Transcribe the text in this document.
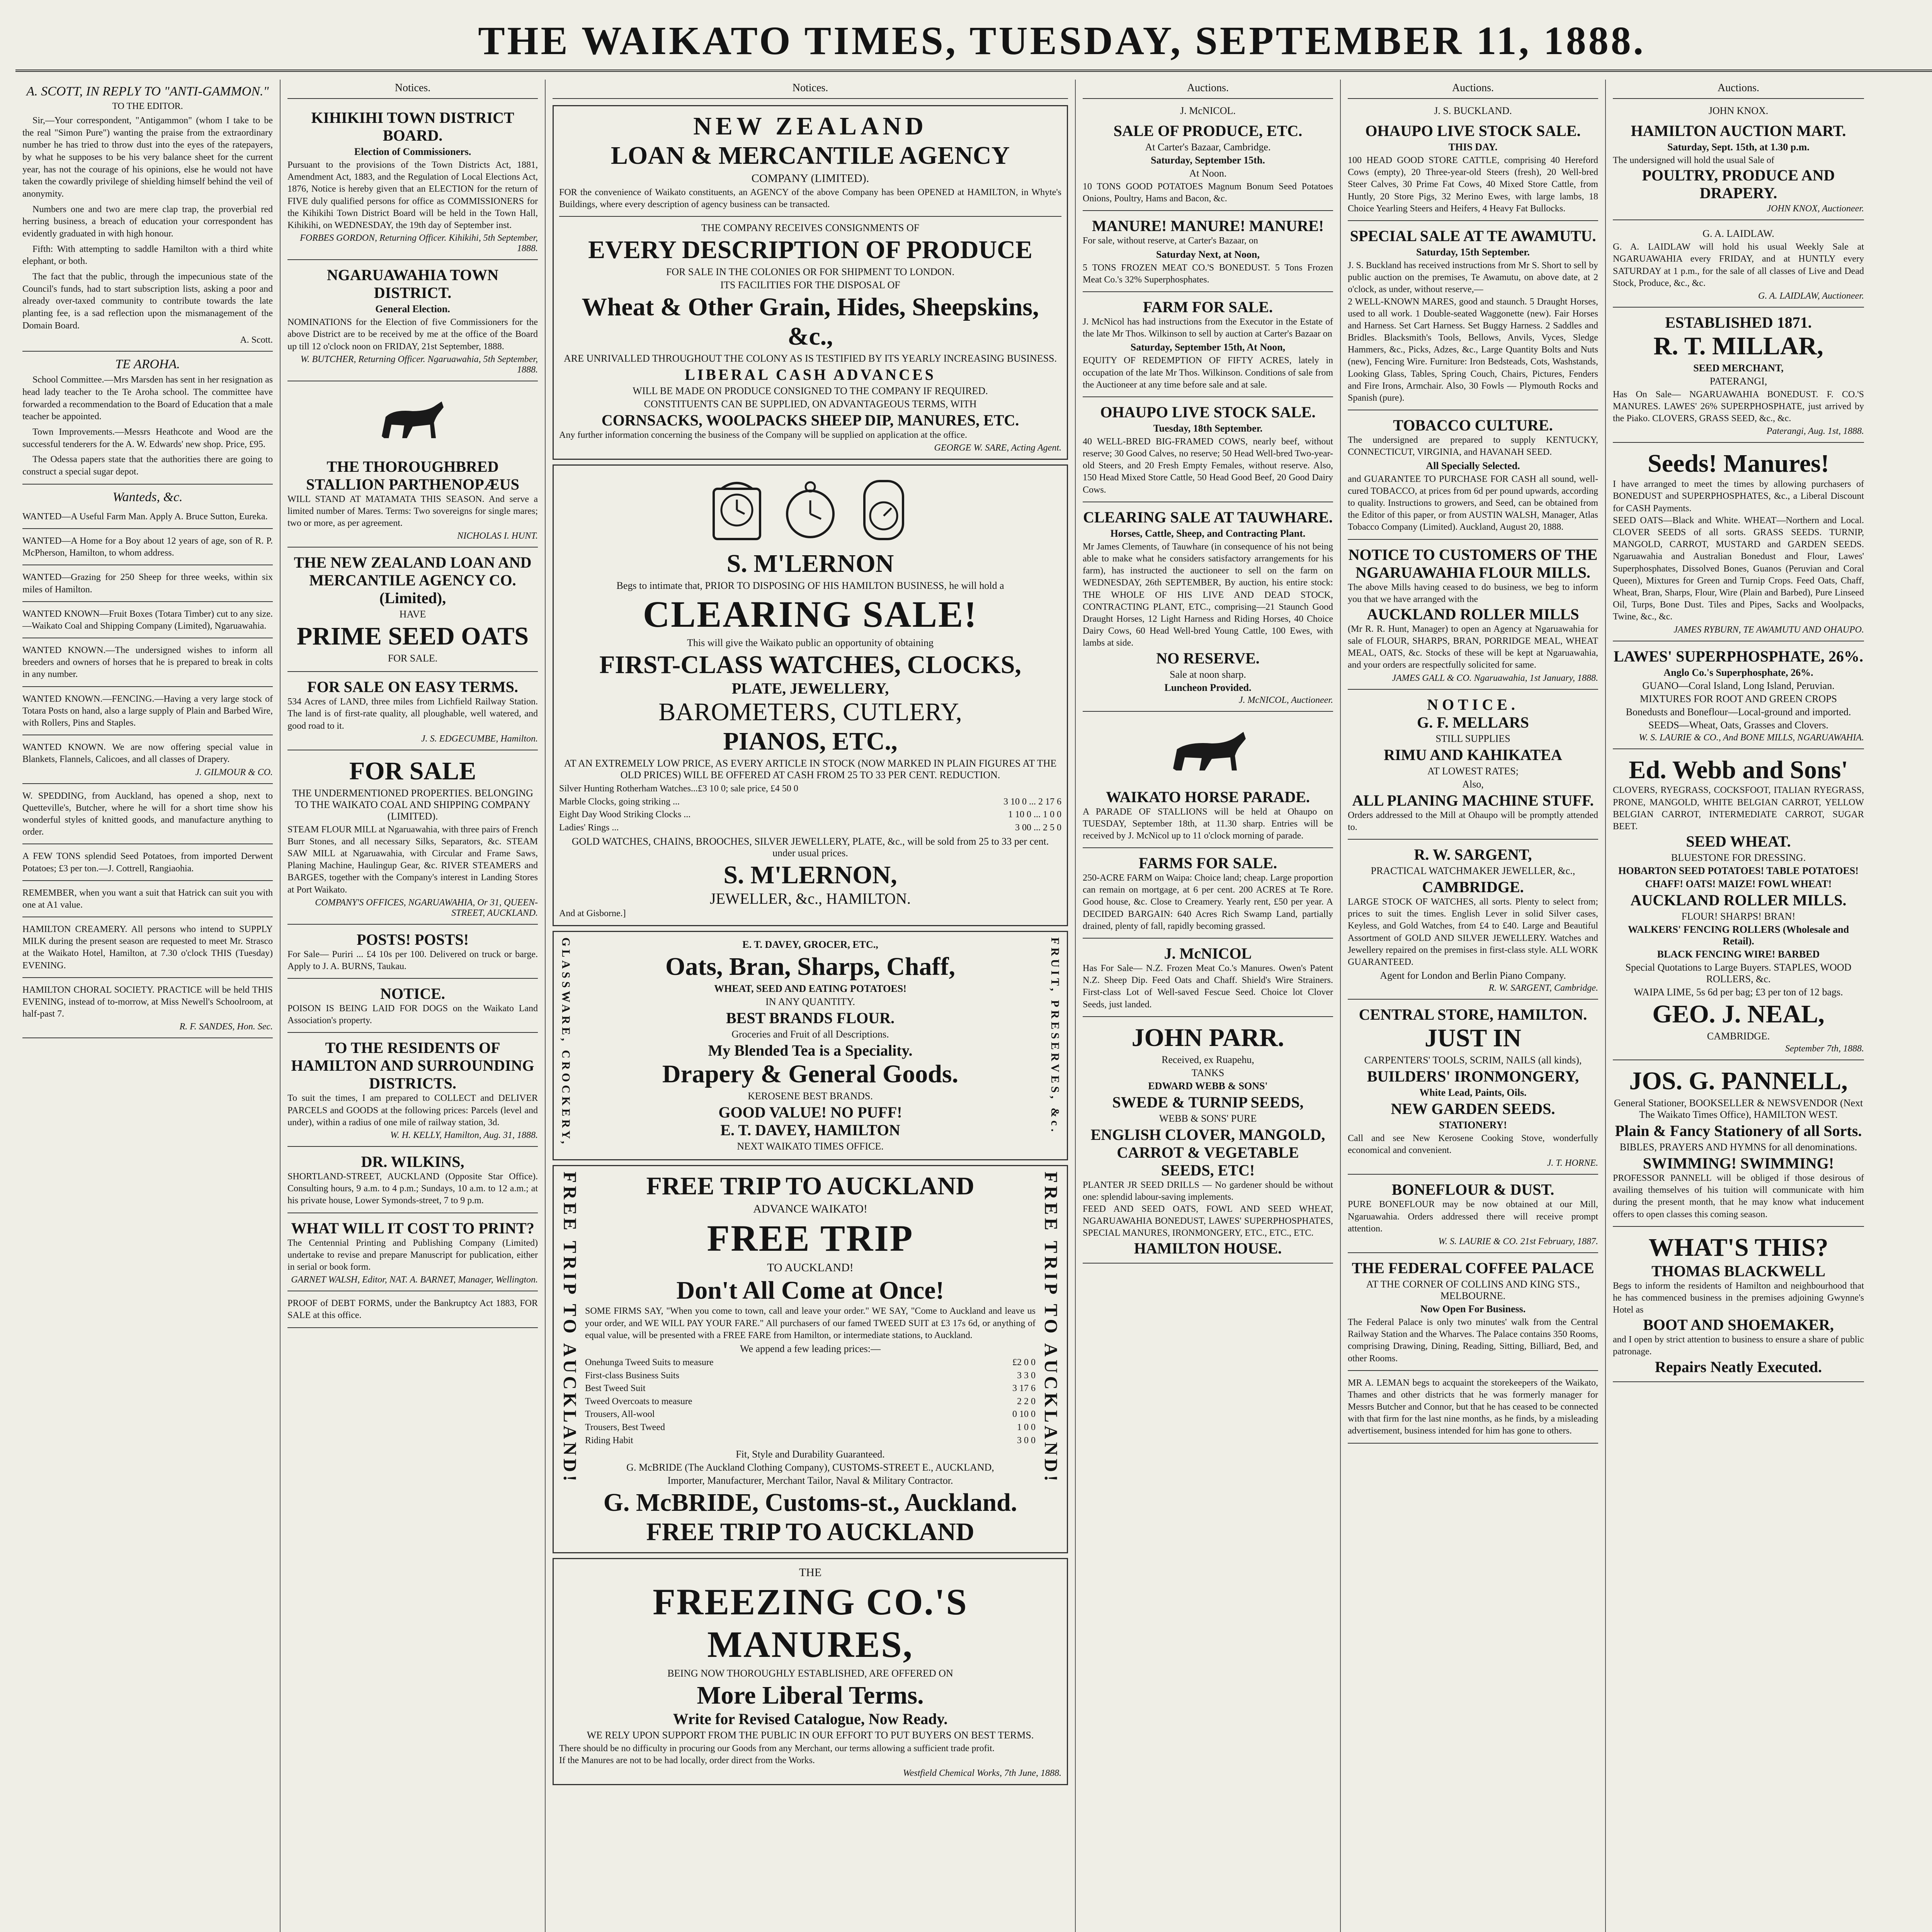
THE WAIKATO TIMES, TUESDAY, SEPTEMBER 11, 1888.
A. SCOTT, IN REPLY TO "ANTI-GAMMON."
TO THE EDITOR.

Sir,—Your correspondent, "Antigammon" (whom I take to be the real "Simon Pure") wanting the praise from the extraordinary number he has tried to throw dust into the eyes of the ratepayers, by what he supposes to be his very balance sheet for the current year, has not the courage of his opinions, else he would not have taken the cowardly privilege of shielding himself behind the veil of anonymity.

Numbers one and two are mere clap trap, the proverbial red herring business, a breach of education your correspondent has evidently graduated in with high honour.

Fifth: With attempting to saddle Hamilton with a third white elephant, or both.

The fact that the public, through the impecunious state of the Council's funds, had to start subscription lists, asking a poor and already over-taxed community to contribute towards the late planting fee, is a sad reflection upon the mismanagement of the Domain Board.

A. Scott.
TE AROHA.

School Committee.—Mrs Marsden has sent in her resignation as head lady teacher to the Te Aroha school. The committee have forwarded a recommendation to the Board of Education that a male teacher be appointed.

Town Improvements.—Messrs Heathcote and Wood are the successful tenderers for the A. W. Edwards' new shop. Price, £95.

The Odessa papers state that the authorities there are going to construct a special sugar depot.

Wanteds, &c.
WANTED—A Useful Farm Man. Apply A. Bruce Sutton, Eureka.
WANTED—A Home for a Boy about 12 years of age, son of R. P. McPherson, Hamilton, to whom address.
WANTED—Grazing for 250 Sheep for three weeks, within six miles of Hamilton.
WANTED KNOWN—Fruit Boxes (Totara Timber) cut to any size.—Waikato Coal and Shipping Company (Limited), Ngaruawahia.
WANTED KNOWN.—The undersigned wishes to inform all breeders and owners of horses that he is prepared to break in colts in any number.
WANTED KNOWN.—FENCING.—Having a very large stock of Totara Posts on hand, also a large supply of Plain and Barbed Wire, with Rollers, Pins and Staples.
WANTED KNOWN. We are now offering special value in Blankets, Flannels, Calicoes, and all classes of Drapery.
J. GILMOUR & CO.
W. SPEDDING, from Auckland, has opened a shop, next to Quetteville's, Butcher, where he will for a short time show his wonderful styles of knitted goods, and manufacture anything to order.
A FEW TONS splendid Seed Potatoes, from imported Derwent Potatoes; £3 per ton.—J. Cottrell, Rangiaohia.
REMEMBER, when you want a suit that Hatrick can suit you with one at A1 value.
HAMILTON CREAMERY. All persons who intend to SUPPLY MILK during the present season are requested to meet Mr. Strasco at the Waikato Hotel, Hamilton, at 7.30 o'clock THIS (Tuesday) EVENING.
HAMILTON CHORAL SOCIETY. PRACTICE will be held THIS EVENING, instead of to-morrow, at Miss Newell's Schoolroom, at half-past 7.
R. F. SANDES, Hon. Sec.
Notices.
KIHIKIHI TOWN DISTRICT BOARD.
Election of Commissioners.
Pursuant to the provisions of the Town Districts Act, 1881, Amendment Act, 1883, and the Regulation of Local Elections Act, 1876, Notice is hereby given that an ELECTION for the return of FIVE duly qualified persons for office as COMMISSIONERS for the Kihikihi Town District Board will be held in the Town Hall, Kihikihi, on WEDNESDAY, the 19th day of September inst.
FORBES GORDON, Returning Officer. Kihikihi, 5th September, 1888.
NGARUAWAHIA TOWN DISTRICT.
General Election.
NOMINATIONS for the Election of five Commissioners for the above District are to be received by me at the office of the Board up till 12 o'clock noon on FRIDAY, 21st September, 1888.
W. BUTCHER, Returning Officer. Ngaruawahia, 5th September, 1888.
THE THOROUGHBRED STALLION PARTHENOPÆUS
WILL STAND AT MATAMATA THIS SEASON. And serve a limited number of Mares. Terms: Two sovereigns for single mares; two or more, as per agreement.
NICHOLAS I. HUNT.
THE NEW ZEALAND LOAN AND MERCANTILE AGENCY CO. (Limited),
HAVE
PRIME SEED OATS
FOR SALE.
FOR SALE ON EASY TERMS.
534 Acres of LAND, three miles from Lichfield Railway Station. The land is of first-rate quality, all ploughable, well watered, and good road to it.
J. S. EDGECUMBE, Hamilton.
FOR SALE
THE UNDERMENTIONED PROPERTIES. BELONGING TO THE WAIKATO COAL AND SHIPPING COMPANY (LIMITED).
STEAM FLOUR MILL at Ngaruawahia, with three pairs of French Burr Stones, and all necessary Silks, Separators, &c. STEAM SAW MILL at Ngaruawahia, with Circular and Frame Saws, Planing Machine, Haulingup Gear, &c. RIVER STEAMERS and BARGES, together with the Company's interest in Landing Stores at Port Waikato.
COMPANY'S OFFICES, NGARUAWAHIA, Or 31, QUEEN-STREET, AUCKLAND.
POSTS! POSTS!
For Sale— Puriri ... £4 10s per 100. Delivered on truck or barge. Apply to J. A. BURNS, Taukau.
NOTICE.
POISON IS BEING LAID FOR DOGS on the Waikato Land Association's property.
TO THE RESIDENTS OF HAMILTON AND SURROUNDING DISTRICTS.
To suit the times, I am prepared to COLLECT and DELIVER PARCELS and GOODS at the following prices: Parcels (level and under), within a radius of one mile of railway station, 3d.
W. H. KELLY, Hamilton, Aug. 31, 1888.
DR. WILKINS,
SHORTLAND-STREET, AUCKLAND (Opposite Star Office). Consulting hours, 9 a.m. to 4 p.m.; Sundays, 10 a.m. to 12 a.m.; at his private house, Lower Symonds-street, 7 to 9 p.m.
WHAT WILL IT COST TO PRINT?
The Centennial Printing and Publishing Company (Limited) undertake to revise and prepare Manuscript for publication, either in serial or book form.
GARNET WALSH, Editor, NAT. A. BARNET, Manager, Wellington.
PROOF of DEBT FORMS, under the Bankruptcy Act 1883, FOR SALE at this office.
Notices.
NEW ZEALAND
LOAN & MERCANTILE AGENCY
COMPANY (LIMITED).
FOR the convenience of Waikato constituents, an AGENCY of the above Company has been OPENED at HAMILTON, in Whyte's Buildings, where every description of agency business can be transacted.
THE COMPANY RECEIVES CONSIGNMENTS OF
EVERY DESCRIPTION OF PRODUCE
FOR SALE IN THE COLONIES OR FOR SHIPMENT TO LONDON.
ITS FACILITIES FOR THE DISPOSAL OF
Wheat & Other Grain, Hides, Sheepskins, &c.,
ARE UNRIVALLED THROUGHOUT THE COLONY AS IS TESTIFIED BY ITS YEARLY INCREASING BUSINESS.
LIBERAL CASH ADVANCES
WILL BE MADE ON PRODUCE CONSIGNED TO THE COMPANY IF REQUIRED.
CONSTITUENTS CAN BE SUPPLIED, ON ADVANTAGEOUS TERMS, WITH
CORNSACKS, WOOLPACKS SHEEP DIP, MANURES, ETC.
Any further information concerning the business of the Company will be supplied on application at the office.
GEORGE W. SARE, Acting Agent.
S. M'LERNON
Begs to intimate that, PRIOR TO DISPOSING OF HIS HAMILTON BUSINESS, he will hold a
CLEARING SALE!
This will give the Waikato public an opportunity of obtaining
FIRST-CLASS WATCHES, CLOCKS,
PLATE, JEWELLERY,
BAROMETERS, CUTLERY,
PIANOS, ETC.,
AT AN EXTREMELY LOW PRICE, AS EVERY ARTICLE IN STOCK (NOW MARKED IN PLAIN FIGURES AT THE OLD PRICES) WILL BE OFFERED AT CASH FROM 25 TO 33 PER CENT. REDUCTION.
Silver Hunting Rotherham Watches...£3 10 0; sale price, £4 50 0
Marble Clocks, going striking ...	3 10 0 ... 2 17 6
Eight Day Wood Striking Clocks ...	1 10 0 ... 1 0 0
Ladies' Rings ...	3 00 ... 2 5 0
GOLD WATCHES, CHAINS, BROOCHES, SILVER JEWELLERY, PLATE, &c., will be sold from 25 to 33 per cent. under usual prices.
S. M'LERNON,
JEWELLER, &c., HAMILTON.
And at Gisborne.]
GLASSWARE, CROCKERY,	E. T. DAVEY, GROCER, ETC.,
Oats, Bran, Sharps, Chaff,
WHEAT, SEED AND EATING POTATOES!
IN ANY QUANTITY.
BEST BRANDS FLOUR.
Groceries and Fruit of all Descriptions.
My Blended Tea is a Speciality.
Drapery & General Goods.
KEROSENE BEST BRANDS.
GOOD VALUE! NO PUFF!
E. T. DAVEY, HAMILTON
NEXT WAIKATO TIMES OFFICE.
FRUIT, PRESERVES, &c.
FREE TRIP TO AUCKLAND!	FREE TRIP TO AUCKLAND
ADVANCE WAIKATO!
FREE TRIP
TO AUCKLAND!
Don't All Come at Once!
SOME FIRMS SAY, "When you come to town, call and leave your order." WE SAY, "Come to Auckland and leave us your order, and WE WILL PAY YOUR FARE." All purchasers of our famed TWEED SUIT at £3 17s 6d, or anything of equal value, will be presented with a FREE FARE from Hamilton, or intermediate stations, to Auckland.
We append a few leading prices:—
Onehunga Tweed Suits to measure	£2 0 0
First-class Business Suits	3 3 0
Best Tweed Suit	3 17 6
Tweed Overcoats to measure	2 2 0
Trousers, All-wool	0 10 0
Trousers, Best Tweed	1 0 0
Riding Habit	3 0 0
Fit, Style and Durability Guaranteed.
G. McBRIDE (The Auckland Clothing Company), CUSTOMS-STREET E., AUCKLAND,
Importer, Manufacturer, Merchant Tailor, Naval & Military Contractor.
G. McBRIDE, Customs-st., Auckland.
FREE TRIP TO AUCKLAND
FREE TRIP TO AUCKLAND!
THE
FREEZING CO.'S MANURES,
BEING NOW THOROUGHLY ESTABLISHED, ARE OFFERED ON
More Liberal Terms.
Write for Revised Catalogue, Now Ready.
WE RELY UPON SUPPORT FROM THE PUBLIC IN OUR EFFORT TO PUT BUYERS ON BEST TERMS.
There should be no difficulty in procuring our Goods from any Merchant, our terms allowing a sufficient trade profit.
If the Manures are not to be had locally, order direct from the Works.
Westfield Chemical Works, 7th June, 1888.
Auctions.
J. McNICOL.
SALE OF PRODUCE, ETC.
At Carter's Bazaar, Cambridge.
Saturday, September 15th.
At Noon.
10 TONS GOOD POTATOES Magnum Bonum Seed Potatoes Onions, Poultry, Hams and Bacon, &c.
MANURE! MANURE! MANURE!
For sale, without reserve, at Carter's Bazaar, on
Saturday Next, at Noon,
5 TONS FROZEN MEAT CO.'S BONEDUST. 5 Tons Frozen Meat Co.'s 32% Superphosphates.
FARM FOR SALE.
J. McNicol has had instructions from the Executor in the Estate of the late Mr Thos. Wilkinson to sell by auction at Carter's Bazaar on
Saturday, September 15th, At Noon,
EQUITY OF REDEMPTION OF FIFTY ACRES, lately in occupation of the late Mr Thos. Wilkinson. Conditions of sale from the Auctioneer at any time before sale and at sale.
OHAUPO LIVE STOCK SALE.
Tuesday, 18th September.
40 WELL-BRED BIG-FRAMED COWS, nearly beef, without reserve; 30 Good Calves, no reserve; 50 Head Well-bred Two-year-old Steers, and 20 Fresh Empty Females, without reserve. Also, 150 Head Mixed Store Cattle, 50 Head Good Beef, 20 Good Dairy Cows.
CLEARING SALE AT TAUWHARE.
Horses, Cattle, Sheep, and Contracting Plant.
Mr James Clements, of Tauwhare (in consequence of his not being able to make what he considers satisfactory arrangements for his farm), has instructed the auctioneer to sell on the farm on WEDNESDAY, 26th SEPTEMBER, By auction, his entire stock: THE WHOLE OF HIS LIVE AND DEAD STOCK, CONTRACTING PLANT, ETC., comprising—21 Staunch Good Draught Horses, 12 Light Harness and Riding Horses, 40 Choice Dairy Cows, 60 Head Well-bred Young Cattle, 100 Ewes, with lambs at side.
NO RESERVE.
Sale at noon sharp.
Luncheon Provided.
J. McNICOL, Auctioneer.
WAIKATO HORSE PARADE.
A PARADE OF STALLIONS will be held at Ohaupo on TUESDAY, September 18th, at 11.30 sharp. Entries will be received by J. McNicol up to 11 o'clock morning of parade.
FARMS FOR SALE.
250-ACRE FARM on Waipa: Choice land; cheap. Large proportion can remain on mortgage, at 6 per cent. 200 ACRES at Te Rore. Good house, &c. Close to Creamery. Yearly rent, £50 per year. A DECIDED BARGAIN: 640 Acres Rich Swamp Land, partially drained, plenty of fall, rapidly becoming grassed.
J. McNICOL
Has For Sale— N.Z. Frozen Meat Co.'s Manures. Owen's Patent N.Z. Sheep Dip. Feed Oats and Chaff. Shield's Wire Strainers. First-class Lot of Well-saved Fescue Seed. Choice lot Clover Seeds, just landed.
JOHN PARR.
Received, ex Ruapehu,
TANKS
EDWARD WEBB & SONS'
SWEDE & TURNIP SEEDS,
WEBB & SONS' PURE
ENGLISH CLOVER, MANGOLD,
CARROT & VEGETABLE
SEEDS, ETC!
PLANTER JR SEED DRILLS — No gardener should be without one: splendid labour-saving implements.
FEED AND SEED OATS, FOWL AND SEED WHEAT, NGARUAWAHIA BONEDUST, LAWES' SUPERPHOSPHATES, SPECIAL MANURES, IRONMONGERY, ETC., ETC., ETC.
HAMILTON HOUSE.
Auctions.
J. S. BUCKLAND.
OHAUPO LIVE STOCK SALE.
THIS DAY.
100 HEAD GOOD STORE CATTLE, comprising 40 Hereford Cows (empty), 20 Three-year-old Steers (fresh), 20 Well-bred Steer Calves, 30 Prime Fat Cows, 40 Mixed Store Cattle, from Huntly, 20 Store Pigs, 32 Merino Ewes, with large lambs, 18 Choice Yearling Steers and Heifers, 4 Heavy Fat Bullocks.
SPECIAL SALE AT TE AWAMUTU.
Saturday, 15th September.
J. S. Buckland has received instructions from Mr S. Short to sell by public auction on the premises, Te Awamutu, on above date, at 2 o'clock, as under, without reserve,—
2 WELL-KNOWN MARES, good and staunch. 5 Draught Horses, used to all work. 1 Double-seated Waggonette (new). Fair Horses and Harness. Set Cart Harness. Set Buggy Harness. 2 Saddles and Bridles. Blacksmith's Tools, Bellows, Anvils, Vyces, Sledge Hammers, &c., Picks, Adzes, &c., Large Quantity Bolts and Nuts (new), Fencing Wire. Furniture: Iron Bedsteads, Cots, Washstands, Looking Glass, Tables, Spring Couch, Chairs, Pictures, Fenders and Fire Irons, Armchair. Also, 30 Fowls — Plymouth Rocks and Spanish (pure).
TOBACCO CULTURE.
The undersigned are prepared to supply KENTUCKY, CONNECTICUT, VIRGINIA, and HAVANAH SEED.
All Specially Selected.
and GUARANTEE TO PURCHASE FOR CASH all sound, well-cured TOBACCO, at prices from 6d per pound upwards, according to quality. Instructions to growers, and Seed, can be obtained from the Editor of this paper, or from AUSTIN WALSH, Manager, Atlas Tobacco Company (Limited). Auckland, August 20, 1888.
NOTICE TO CUSTOMERS OF THE NGARUAWAHIA FLOUR MILLS.
The above Mills having ceased to do business, we beg to inform you that we have arranged with the
AUCKLAND ROLLER MILLS
(Mr R. R. Hunt, Manager) to open an Agency at Ngaruawahia for sale of FLOUR, SHARPS, BRAN, PORRIDGE MEAL, WHEAT MEAL, OATS, &c. Stocks of these will be kept at Ngaruawahia, and your orders are respectfully solicited for same.
JAMES GALL & CO. Ngaruawahia, 1st January, 1888.
NOTICE.
G. F. MELLARS
STILL SUPPLIES
RIMU AND KAHIKATEA
AT LOWEST RATES;
Also,
ALL PLANING MACHINE STUFF.
Orders addressed to the Mill at Ohaupo will be promptly attended to.
R. W. SARGENT,
PRACTICAL WATCHMAKER JEWELLER, &c.,
CAMBRIDGE.
LARGE STOCK OF WATCHES, all sorts. Plenty to select from; prices to suit the times. English Lever in solid Silver cases, Keyless, and Gold Watches, from £4 to £40. Large and Beautiful Assortment of GOLD AND SILVER JEWELLERY. Watches and Jewellery repaired on the premises in first-class style. ALL WORK GUARANTEED.
Agent for London and Berlin Piano Company.
R. W. SARGENT, Cambridge.
CENTRAL STORE, HAMILTON.
JUST IN
CARPENTERS' TOOLS, SCRIM, NAILS (all kinds),
BUILDERS' IRONMONGERY,
White Lead, Paints, Oils.
NEW GARDEN SEEDS.
STATIONERY!
Call and see New Kerosene Cooking Stove, wonderfully economical and convenient.
J. T. HORNE.
BONEFLOUR & DUST.
PURE BONEFLOUR may be now obtained at our Mill, Ngaruawahia. Orders addressed there will receive prompt attention.
W. S. LAURIE & CO. 21st February, 1887.
THE FEDERAL COFFEE PALACE
AT THE CORNER OF COLLINS AND KING STS., MELBOURNE.
Now Open For Business.
The Federal Palace is only two minutes' walk from the Central Railway Station and the Wharves. The Palace contains 350 Rooms, comprising Drawing, Dining, Reading, Sitting, Billiard, Bed, and other Rooms.
MR A. LEMAN begs to acquaint the storekeepers of the Waikato, Thames and other districts that he was formerly manager for Messrs Butcher and Connor, but that he has ceased to be connected with that firm for the last nine months, as he finds, by a misleading advertisement, business intended for him has gone to others.
Auctions.
JOHN KNOX.
HAMILTON AUCTION MART.
Saturday, Sept. 15th, at 1.30 p.m.
The undersigned will hold the usual Sale of
POULTRY, PRODUCE AND DRAPERY.
JOHN KNOX, Auctioneer.
G. A. LAIDLAW.
G. A. LAIDLAW will hold his usual Weekly Sale at NGARUAWAHIA every FRIDAY, and at HUNTLY every SATURDAY at 1 p.m., for the sale of all classes of Live and Dead Stock, Produce, &c., &c.
G. A. LAIDLAW, Auctioneer.
ESTABLISHED 1871.
R. T. MILLAR,
SEED MERCHANT,
PATERANGI,
Has On Sale— NGARUAWAHIA BONEDUST. F. CO.'S MANURES. LAWES' 26% SUPERPHOSPHATE, just arrived by the Piako. CLOVERS, GRASS SEED, &c., &c.
Paterangi, Aug. 1st, 1888.
Seeds! Manures!
I have arranged to meet the times by allowing purchasers of BONEDUST and SUPERPHOSPHATES, &c., a Liberal Discount for CASH Payments.
SEED OATS—Black and White. WHEAT—Northern and Local. CLOVER SEEDS of all sorts. GRASS SEEDS. TURNIP, MANGOLD, CARROT, MUSTARD and GARDEN SEEDS. Ngaruawahia and Australian Bonedust and Flour, Lawes' Superphosphates, Dissolved Bones, Guanos (Peruvian and Coral Queen), Mixtures for Green and Turnip Crops. Feed Oats, Chaff, Wheat, Bran, Sharps, Flour, Wire (Plain and Barbed), Pure Linseed Oil, Turps, Bone Dust. Tiles and Pipes, Sacks and Woolpacks, Twine, &c., &c.
JAMES RYBURN, TE AWAMUTU AND OHAUPO.
LAWES' SUPERPHOSPHATE, 26%.
Anglo Co.'s Superphosphate, 26%.
GUANO—Coral Island, Long Island, Peruvian.
MIXTURES FOR ROOT AND GREEN CROPS
Bonedusts and Boneflour—Local-ground and imported.
SEEDS—Wheat, Oats, Grasses and Clovers.
W. S. LAURIE & CO., And BONE MILLS, NGARUAWAHIA.
Ed. Webb and Sons'
CLOVERS, RYEGRASS, COCKSFOOT, ITALIAN RYEGRASS, PRONE, MANGOLD, WHITE BELGIAN CARROT, YELLOW BELGIAN CARROT, INTERMEDIATE CARROT, SUGAR BEET.
SEED WHEAT.
BLUESTONE FOR DRESSING.
HOBARTON SEED POTATOES! TABLE POTATOES!
CHAFF! OATS! MAIZE! FOWL WHEAT!
AUCKLAND ROLLER MILLS.
FLOUR! SHARPS! BRAN!
WALKERS' FENCING ROLLERS (Wholesale and Retail).
BLACK FENCING WIRE! BARBED
Special Quotations to Large Buyers. STAPLES, WOOD ROLLERS, &c.
WAIPA LIME, 5s 6d per bag; £3 per ton of 12 bags.
GEO. J. NEAL,
CAMBRIDGE.
September 7th, 1888.
JOS. G. PANNELL,
General Stationer, BOOKSELLER & NEWSVENDOR (Next The Waikato Times Office), HAMILTON WEST.
Plain & Fancy Stationery of all Sorts.
BIBLES, PRAYERS AND HYMNS for all denominations.
SWIMMING! SWIMMING!
PROFESSOR PANNELL will be obliged if those desirous of availing themselves of his tuition will communicate with him during the present month, that he may know what inducement offers to open classes this coming season.
WHAT'S THIS?
THOMAS BLACKWELL
Begs to inform the residents of Hamilton and neighbourhood that he has commenced business in the premises adjoining Gwynne's Hotel as
BOOT AND SHOEMAKER,
and I open by strict attention to business to ensure a share of public patronage.
Repairs Neatly Executed.
